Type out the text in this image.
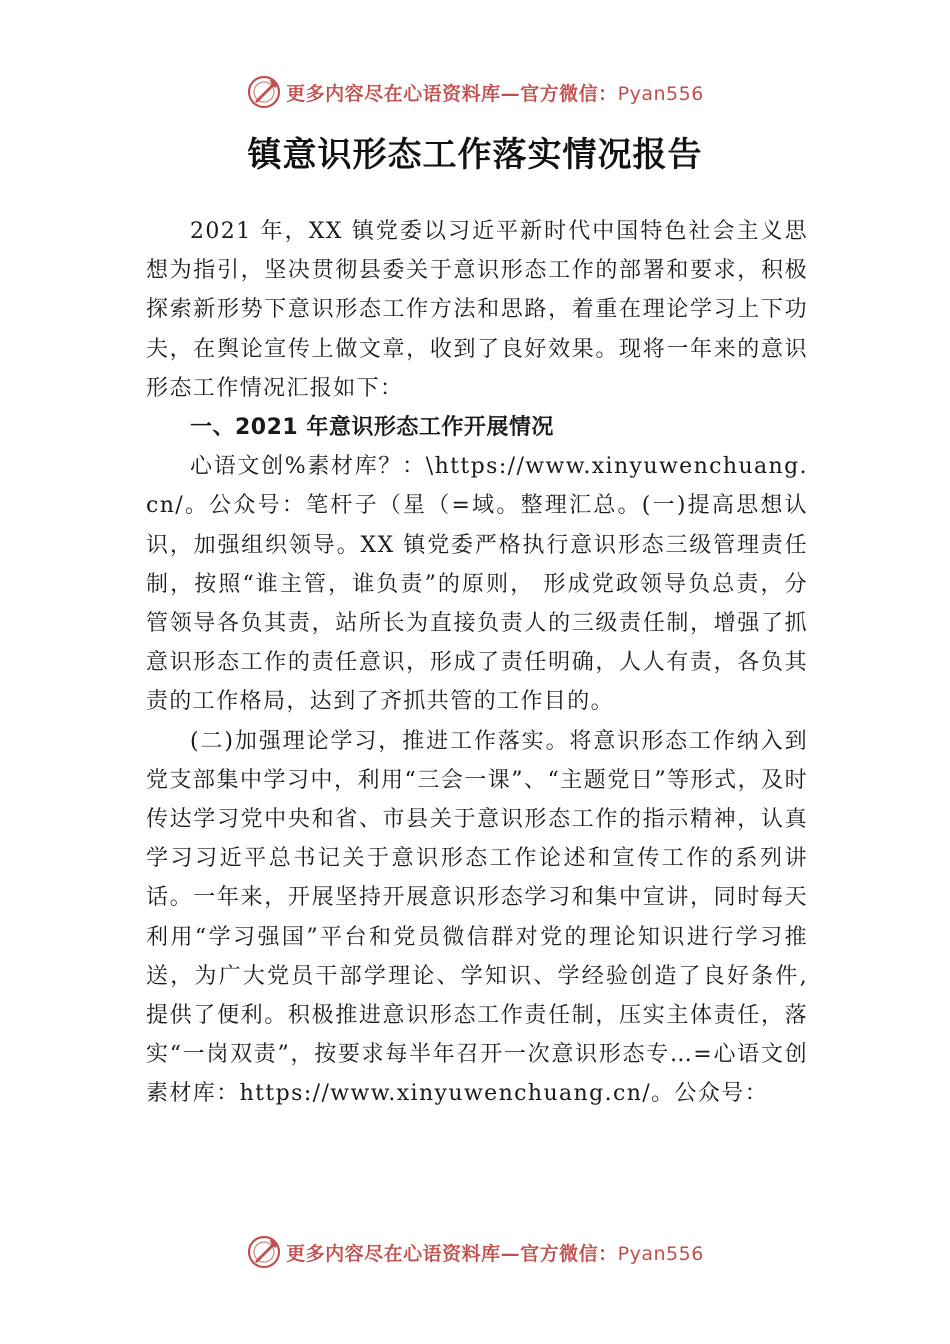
更多内容尽在心语资料库—官方微信：Pyan556
镇意识形态工作落实情况报告

2021 年，XX 镇党委以习近平新时代中国特色社会主义思想为指引，坚决贯彻县委关于意识形态工作的部署和要求，积极探索新形势下意识形态工作方法和思路，着重在理论学习上下功夫，在舆论宣传上做文章，收到了良好效果。现将一年来的意识形态工作情况汇报如下：

一、2021 年意识形态工作开展情况

心语文创%素材库？：\https://www.xinyuwenchuang.cn/。公众号：笔杆子（星（=域。整理汇总。(一)提高思想认识，加强组织领导。XX 镇党委严格执行意识形态三级管理责任制，按照“谁主管，谁负责”的原则， 形成党政领导负总责，分管领导各负其责，站所长为直接负责人的三级责任制，增强了抓意识形态工作的责任意识，形成了责任明确，人人有责，各负其责的工作格局，达到了齐抓共管的工作目的。

(二)加强理论学习，推进工作落实。将意识形态工作纳入到党支部集中学习中，利用“三会一课”、“主题党日”等形式，及时传达学习党中央和省、市县关于意识形态工作的指示精神，认真学习习近平总书记关于意识形态工作论述和宣传工作的系列讲话。一年来，开展坚持开展意识形态学习和集中宣讲，同时每天利用“学习强国”平台和党员微信群对党的理论知识进行学习推送，为广大党员干部学理论、学知识、学经验创造了良好条件,提供了便利。积极推进意识形态工作责任制，压实主体责任，落实“一岗双责”，按要求每半年召开一次意识形态专…=心语文创素材库：https://www.xinyuwenchuang.cn/。公众号：

更多内容尽在心语资料库—官方微信：Pyan556
